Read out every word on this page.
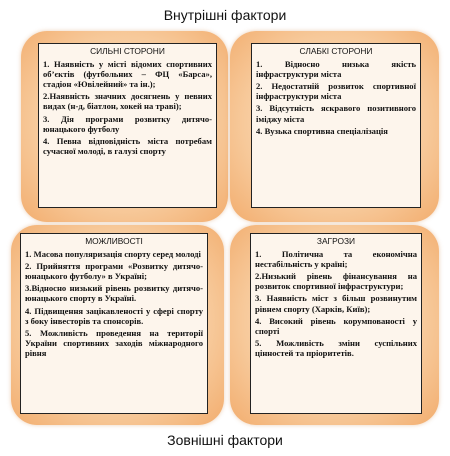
Внутрішні фактори
СИЛЬНІ СТОРОНИ
1. Наявність у місті відомих спортивних об’єктів (футбольних – ФЦ «Барса», стадіон «Ювілейний» та ін.);
2.Наявність значних досягнень у певних видах (н-д, біатлон, хокей на траві);
3. Дія програми розвитку дитячо-юнацького футболу
4. Певна відповідність міста потребам сучасної молоді, в галузі спорту
СЛАБКІ СТОРОНИ
1. Відносно низька якість інфраструктури міста
2. Недостатній розвиток спортивної інфраструктури міста
3. Відсутність яскравого позитивного іміджу міста
4. Вузька спортивна спеціалізація
МОЖЛИВОСТІ
1. Масова популяризація спорту серед молоді
2. Прийняття програми «Розвитку дитячо-юнацького футболу» в Україні;
3.Відносно низький рівень розвитку дитячо-юнацького спорту в Україні.
4. Підвищення зацікавленості у сфері спорту з боку інвесторів та спонсорів.
5. Можливість проведення на території України спортивних заходів міжнародного рівня
ЗАГРОЗИ
1. Політична та економічна нестабільність у країні;
2.Низький рівень фінансування на розвиток спортивної інфраструктури;
3. Наявність міст з більш розвинутим рівнем спорту (Харків, Київ);
4. Високий рівень корумпованості у спорті
5. Можливість зміни суспільних цінностей та пріоритетів.
Зовнішні фактори
